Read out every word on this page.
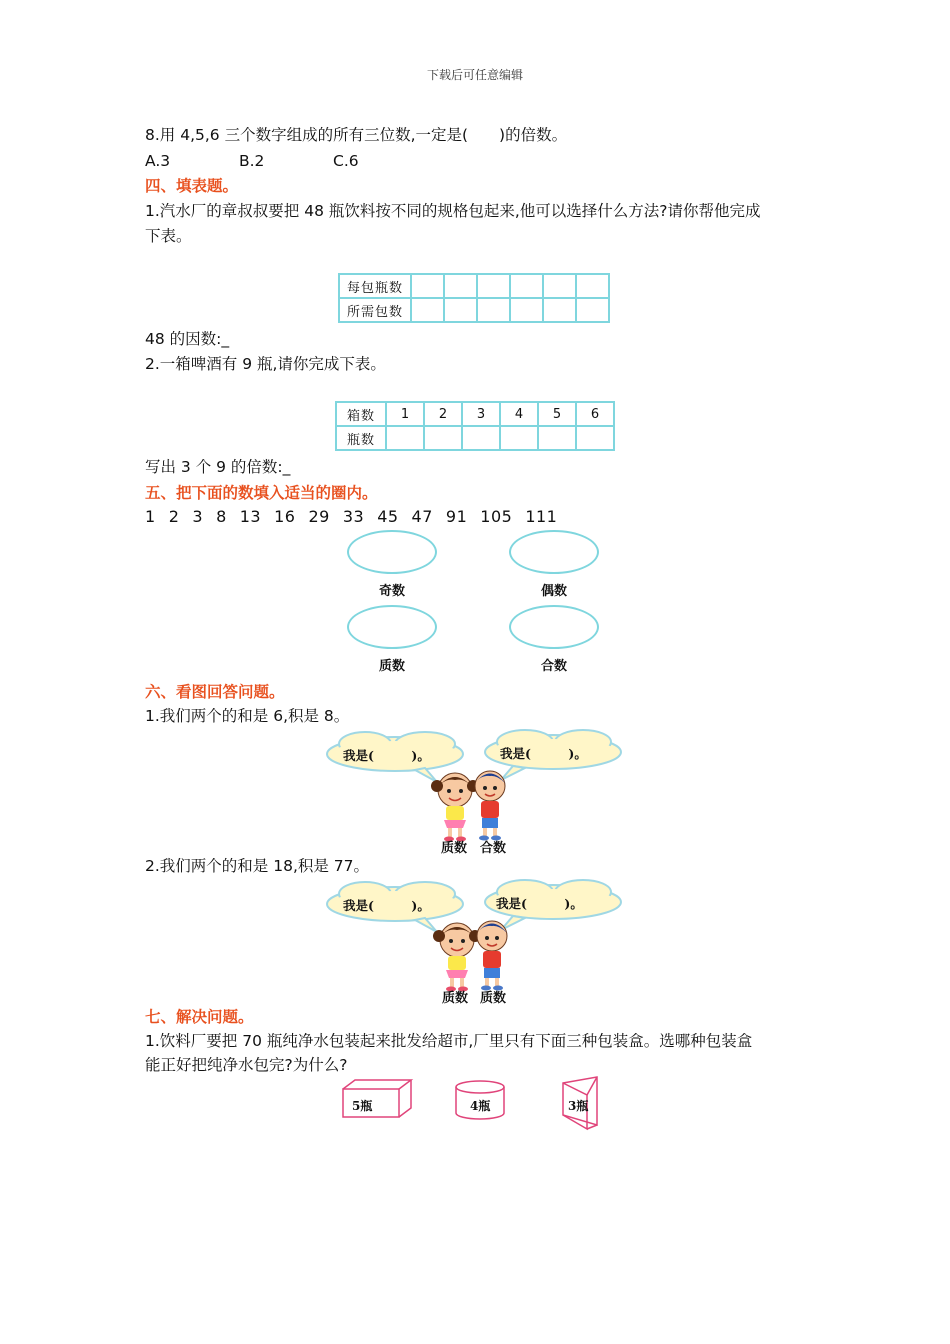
下载后可任意编辑
8.用 4,5,6 三个数字组成的所有三位数,一定是(　　)的倍数。
A.3	B.2	C.6
四、填表题。
1.汽水厂的章叔叔要把 48 瓶饮料按不同的规格包起来,他可以选择什么方法?请你帮他完成
下表。
每包瓶数						
所需包数						
48 的因数:_
2.一箱啤酒有 9 瓶,请你完成下表。
箱数	1	2	3	4	5	6
瓶数						
写出 3 个 9 的倍数:_
五、把下面的数填入适当的圈内。
1 2 3 8 13 16 29 33 45 47 91 105 111
奇数	偶数
质数	合数
六、看图回答问题。
1.我们两个的和是 6,积是 8。
我是(　　　)。	我是(　　　)。
质数 合数
2.我们两个的和是 18,积是 77。
我是(　　　)。	我是(　　　)。
质数 质数
七、解决问题。
1.饮料厂要把 70 瓶纯净水包装起来批发给超市,厂里只有下面三种包装盒。选哪种包装盒
能正好把纯净水包完?为什么?
5瓶	4瓶	3瓶
